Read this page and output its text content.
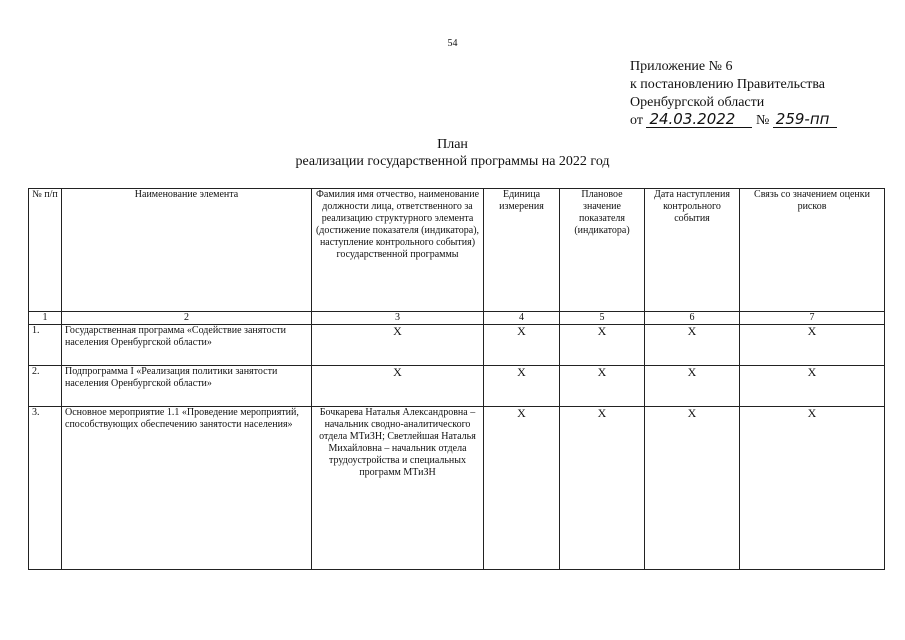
54
Приложение № 6
к постановлению Правительства
Оренбургской области
от 24.03.2022 № 259-пп
План
реализации государственной программы на 2022 год
№ п/п	Наименование элемента	Фамилия имя отчество, наименование должности лица, ответственного за реализацию структурного элемента (достижение показателя (индикатора), наступление контрольного события) государственной программы	Единица измерения	Плановое значение показателя (индикатора)	Дата наступления контрольного события	Связь со значением оценки рисков
1	2	3	4	5	6	7
1.	Государственная программа «Содействие занятости населения Оренбургской области»	X	X	X	X	X
2.	Подпрограмма I «Реализация политики занятости населения Оренбургской области»	X	X	X	X	X
3.	Основное мероприятие 1.1 «Проведение мероприятий, способствующих обеспечению занятости населения»	Бочкарева Наталья Александровна – начальник сводно-аналитического отдела МТиЗН; Светлейшая Наталья Михайловна – начальник отдела трудоустройства и специальных программ МТиЗН	X	X	X	X
